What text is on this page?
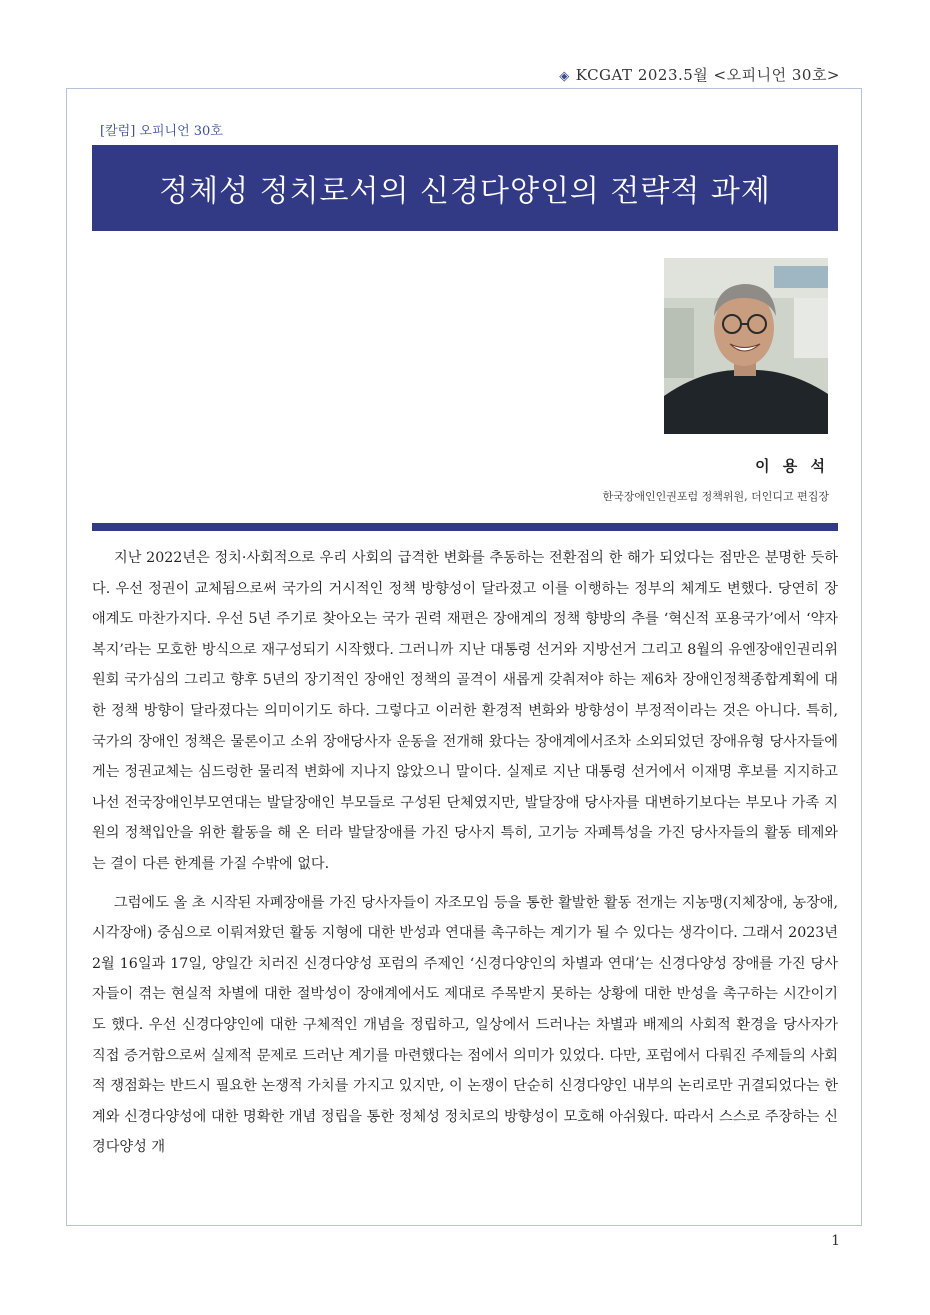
◈ KCGAT 2023.5월 <오피니언 30호>
[칼럼] 오피니언 30호
정체성 정치로서의 신경다양인의 전략적 과제
이 용 석
한국장애인인권포럼 정책위원, 더인디고 편집장

지난 2022년은 정치·사회적으로 우리 사회의 급격한 변화를 추동하는 전환점의 한 해가 되었다는 점만은 분명한 듯하다. 우선 정권이 교체됨으로써 국가의 거시적인 정책 방향성이 달라졌고 이를 이행하는 정부의 체계도 변했다. 당연히 장애계도 마찬가지다. 우선 5년 주기로 찾아오는 국가 권력 재편은 장애계의 정책 향방의 추를 ‘혁신적 포용국가’에서 ‘약자 복지’라는 모호한 방식으로 재구성되기 시작했다. 그러니까 지난 대통령 선거와 지방선거 그리고 8월의 유엔장애인권리위원회 국가심의 그리고 향후 5년의 장기적인 장애인 정책의 골격이 새롭게 갖춰져야 하는 제6차 장애인정책종합계획에 대한 정책 방향이 달라졌다는 의미이기도 하다. 그렇다고 이러한 환경적 변화와 방향성이 부정적이라는 것은 아니다. 특히, 국가의 장애인 정책은 물론이고 소위 장애당사자 운동을 전개해 왔다는 장애계에서조차 소외되었던 장애유형 당사자들에게는 정권교체는 심드렁한 물리적 변화에 지나지 않았으니 말이다. 실제로 지난 대통령 선거에서 이재명 후보를 지지하고 나선 전국장애인부모연대는 발달장애인 부모들로 구성된 단체였지만, 발달장애 당사자를 대변하기보다는 부모나 가족 지원의 정책입안을 위한 활동을 해 온 터라 발달장애를 가진 당사지 특히, 고기능 자폐특성을 가진 당사자들의 활동 테제와는 결이 다른 한계를 가질 수밖에 없다.

그럼에도 올 초 시작된 자폐장애를 가진 당사자들이 자조모임 등을 통한 활발한 활동 전개는 지농맹(지체장애, 농장애, 시각장애) 중심으로 이뤄져왔던 활동 지형에 대한 반성과 연대를 촉구하는 계기가 될 수 있다는 생각이다. 그래서 2023년 2월 16일과 17일, 양일간 치러진 신경다양성 포럼의 주제인 ‘신경다양인의 차별과 연대’는 신경다양성 장애를 가진 당사자들이 겪는 현실적 차별에 대한 절박성이 장애계에서도 제대로 주목받지 못하는 상황에 대한 반성을 촉구하는 시간이기도 했다. 우선 신경다양인에 대한 구체적인 개념을 정립하고, 일상에서 드러나는 차별과 배제의 사회적 환경을 당사자가 직접 증거함으로써 실제적 문제로 드러난 계기를 마련했다는 점에서 의미가 있었다. 다만, 포럼에서 다뤄진 주제들의 사회적 쟁점화는 반드시 필요한 논쟁적 가치를 가지고 있지만, 이 논쟁이 단순히 신경다양인 내부의 논리로만 귀결되었다는 한계와 신경다양성에 대한 명확한 개념 정립을 통한 정체성 정치로의 방향성이 모호해 아쉬웠다. 따라서 스스로 주장하는 신경다양성 개

1
